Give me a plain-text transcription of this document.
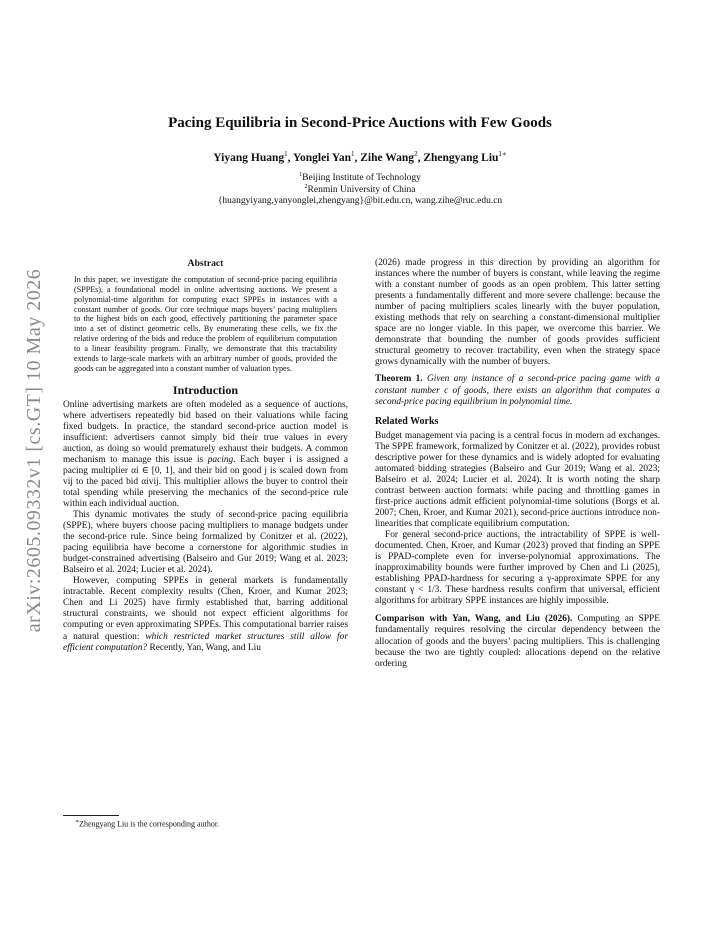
arXiv:2605.09332v1 [cs.GT] 10 May 2026
Pacing Equilibria in Second-Price Auctions with Few Goods
Yiyang Huang$^1$, Yonglei Yan$^1$, Zihe Wang$^2$, Zhengyang Liu$^{1∗}$
$^1$Beijing Institute of Technology
$^2$Renmin University of China
{huangyiyang,yanyonglei,zhengyang}@bit.edu.cn, wang.zihe@ruc.edu.cn
Abstract

In this paper, we investigate the computation of second-price pacing equilibria (SPPEs), a foundational model in online advertising auctions. We present a polynomial-time algorithm for computing exact SPPEs in instances with a constant number of goods. Our core technique maps buyers’ pacing multipliers to the highest bids on each good, effectively partitioning the parameter space into a set of distinct geometric cells. By enumerating these cells, we fix the relative ordering of the bids and reduce the problem of equilibrium computation to a linear feasibility program. Finally, we demonstrate that this tractability extends to large-scale markets with an arbitrary number of goods, provided the goods can be aggregated into a constant number of valuation types.

Introduction

Online advertising markets are often modeled as a sequence of auctions, where advertisers repeatedly bid based on their valuations while facing fixed budgets. In practice, the standard second-price auction model is insufficient: advertisers cannot simply bid their true values in every auction, as doing so would prematurely exhaust their budgets. A common mechanism to manage this issue is pacing. Each buyer i is assigned a pacing multiplier αi ∈ [0, 1], and their bid on good j is scaled down from vij to the paced bid αivij. This multiplier allows the buyer to control their total spending while preserving the mechanics of the second-price rule within each individual auction.

This dynamic motivates the study of second-price pacing equilibria (SPPE), where buyers choose pacing multipliers to manage budgets under the second-price rule. Since being formalized by Conitzer et al. (2022), pacing equilibria have become a cornerstone for algorithmic studies in budget-constrained advertising (Balseiro and Gur 2019; Wang et al. 2023; Balseiro et al. 2024; Lucier et al. 2024).

However, computing SPPEs in general markets is fundamentally intractable. Recent complexity results (Chen, Kroer, and Kumar 2023; Chen and Li 2025) have firmly established that, barring additional structural constraints, we should not expect efficient algorithms for computing or even approximating SPPEs. This computational barrier raises a natural question: which restricted market structures still allow for efficient computation? Recently, Yan, Wang, and Liu

(2026) made progress in this direction by providing an algorithm for instances where the number of buyers is constant, while leaving the regime with a constant number of goods as an open problem. This latter setting presents a fundamentally different and more severe challenge: because the number of pacing multipliers scales linearly with the buyer population, existing methods that rely on searching a constant-dimensional multiplier space are no longer viable. In this paper, we overcome this barrier. We demonstrate that bounding the number of goods provides sufficient structural geometry to recover tractability, even when the strategy space grows dynamically with the number of buyers.

Theorem 1. Given any instance of a second-price pacing game with a constant number c of goods, there exists an algorithm that computes a second-price pacing equilibrium in polynomial time.

Related Works

Budget management via pacing is a central focus in modern ad exchanges. The SPPE framework, formalized by Conitzer et al. (2022), provides robust descriptive power for these dynamics and is widely adopted for evaluating automated bidding strategies (Balseiro and Gur 2019; Wang et al. 2023; Balseiro et al. 2024; Lucier et al. 2024). It is worth noting the sharp contrast between auction formats: while pacing and throttling games in first-price auctions admit efficient polynomial-time solutions (Borgs et al. 2007; Chen, Kroer, and Kumar 2021), second-price auctions introduce non-linearities that complicate equilibrium computation.

For general second-price auctions, the intractability of SPPE is well-documented. Chen, Kroer, and Kumar (2023) proved that finding an SPPE is PPAD-complete even for inverse-polynomial approximations. The inapproximability bounds were further improved by Chen and Li (2025), establishing PPAD-hardness for securing a γ-approximate SPPE for any constant γ < 1/3. These hardness results confirm that universal, efficient algorithms for arbitrary SPPE instances are highly impossible.

Comparison with Yan, Wang, and Liu (2026). Computing an SPPE fundamentally requires resolving the circular dependency between the allocation of goods and the buyers’ pacing multipliers. This is challenging because the two are tightly coupled: allocations depend on the relative ordering

∗Zhengyang Liu is the corresponding author.
